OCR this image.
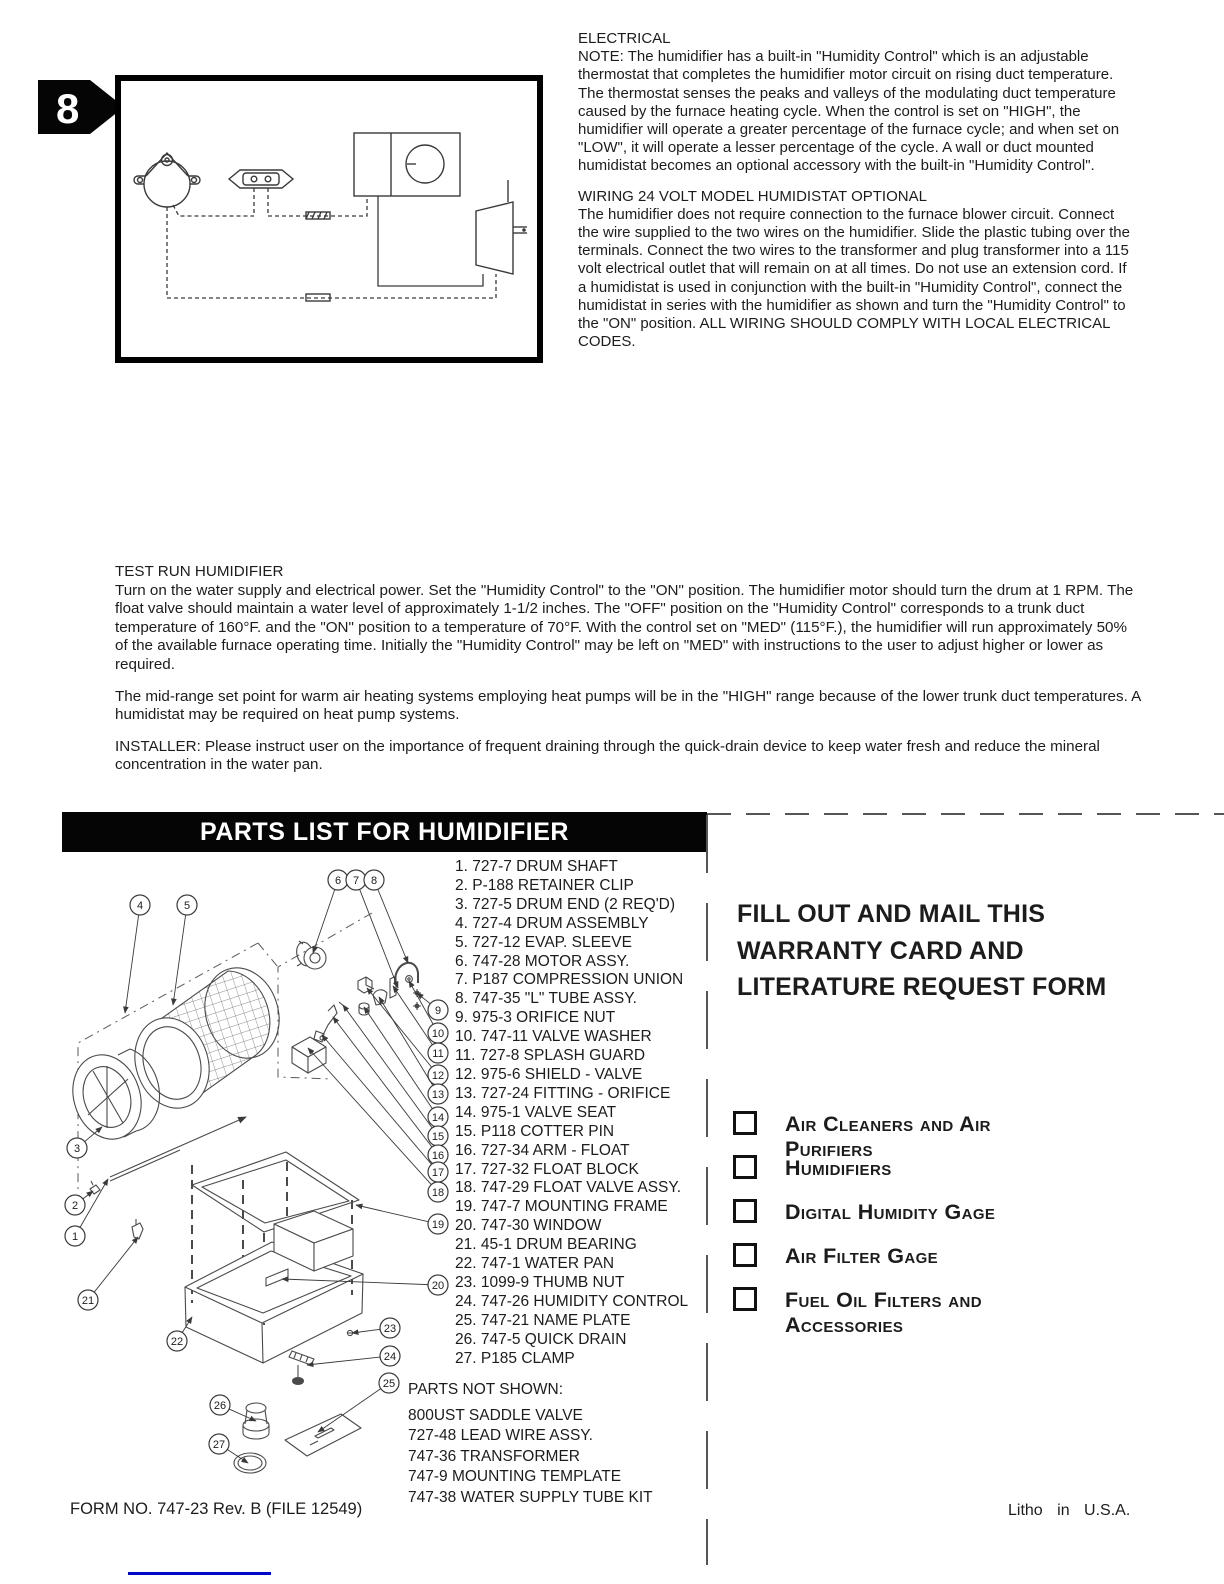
8
ELECTRICAL
NOTE: The humidifier has a built-in "Humidity Control" which is an adjustable thermostat that completes the humidifier motor circuit on rising duct temperature. The thermostat senses the peaks and valleys of the modulating duct temperature caused by the furnace heating cycle. When the control is set on "HIGH", the humidifier will operate a greater percentage of the furnace cycle; and when set on "LOW", it will operate a lesser percentage of the cycle. A wall or duct mounted humidistat becomes an optional accessory with the built-in "Humidity Control".
WIRING 24 VOLT MODEL HUMIDISTAT OPTIONAL
The humidifier does not require connection to the furnace blower circuit. Connect the wire supplied to the two wires on the humidifier. Slide the plastic tubing over the terminals. Connect the two wires to the transformer and plug transformer into a 115 volt electrical outlet that will remain on at all times. Do not use an extension cord. If a humidistat is used in conjunction with the built-in "Humidity Control", connect the humidistat in series with the humidifier as shown and turn the "Humidity Control" to the "ON" position. ALL WIRING SHOULD COMPLY WITH LOCAL ELECTRICAL CODES.
TEST RUN HUMIDIFIER
Turn on the water supply and electrical power. Set the "Humidity Control" to the "ON" position. The humidifier motor should turn the drum at 1 RPM. The float valve should maintain a water level of approximately 1-1/2 inches. The "OFF" position on the "Humidity Control" corresponds to a trunk duct temperature of 160°F. and the "ON" position to a temperature of 70°F. With the control set on "MED" (115°F.), the humidifier will run approximately 50% of the available furnace operating time. Initially the "Humidity Control" may be left on "MED" with instructions to the user to adjust higher or lower as required.
The mid-range set point for warm air heating systems employing heat pumps will be in the "HIGH" range because of the lower trunk duct temperatures. A humidistat may be required on heat pump systems.
INSTALLER: Please instruct user on the importance of frequent draining through the quick-drain device to keep water fresh and reduce the mineral concentration in the water pan.
PARTS LIST FOR HUMIDIFIER
1
2
3
4	5
6 7 8
9
10
11
12
13
14
15
16
17
18
19
20
21
22
23
24
25
26
27
1. 727-7 DRUM SHAFT
2. P-188 RETAINER CLIP
3. 727-5 DRUM END (2 REQ'D)
4. 727-4 DRUM ASSEMBLY
5. 727-12 EVAP. SLEEVE
6. 747-28 MOTOR ASSY.
7. P187 COMPRESSION UNION
8. 747-35 "L" TUBE ASSY.
9. 975-3 ORIFICE NUT
10. 747-11 VALVE WASHER
11. 727-8 SPLASH GUARD
12. 975-6 SHIELD - VALVE
13. 727-24 FITTING - ORIFICE
14. 975-1 VALVE SEAT
15. P118 COTTER PIN
16. 727-34 ARM - FLOAT
17. 727-32 FLOAT BLOCK
18. 747-29 FLOAT VALVE ASSY.
19. 747-7 MOUNTING FRAME
20. 747-30 WINDOW
21. 45-1 DRUM BEARING
22. 747-1 WATER PAN
23. 1099-9 THUMB NUT
24. 747-26 HUMIDITY CONTROL
25. 747-21 NAME PLATE
26. 747-5 QUICK DRAIN
27. P185 CLAMP
PARTS NOT SHOWN:
800UST SADDLE VALVE
727-48 LEAD WIRE ASSY.
747-36 TRANSFORMER
747-9 MOUNTING TEMPLATE
747-38 WATER SUPPLY TUBE KIT
FILL OUT AND MAIL THIS
WARRANTY CARD AND
LITERATURE REQUEST FORM
Air Cleaners and Air Purifiers
Humidifiers
Digital Humidity Gage
Air Filter Gage
Fuel Oil Filters and Accessories
FORM NO. 747-23 Rev. B (FILE 12549)	Litho in U.S.A.
